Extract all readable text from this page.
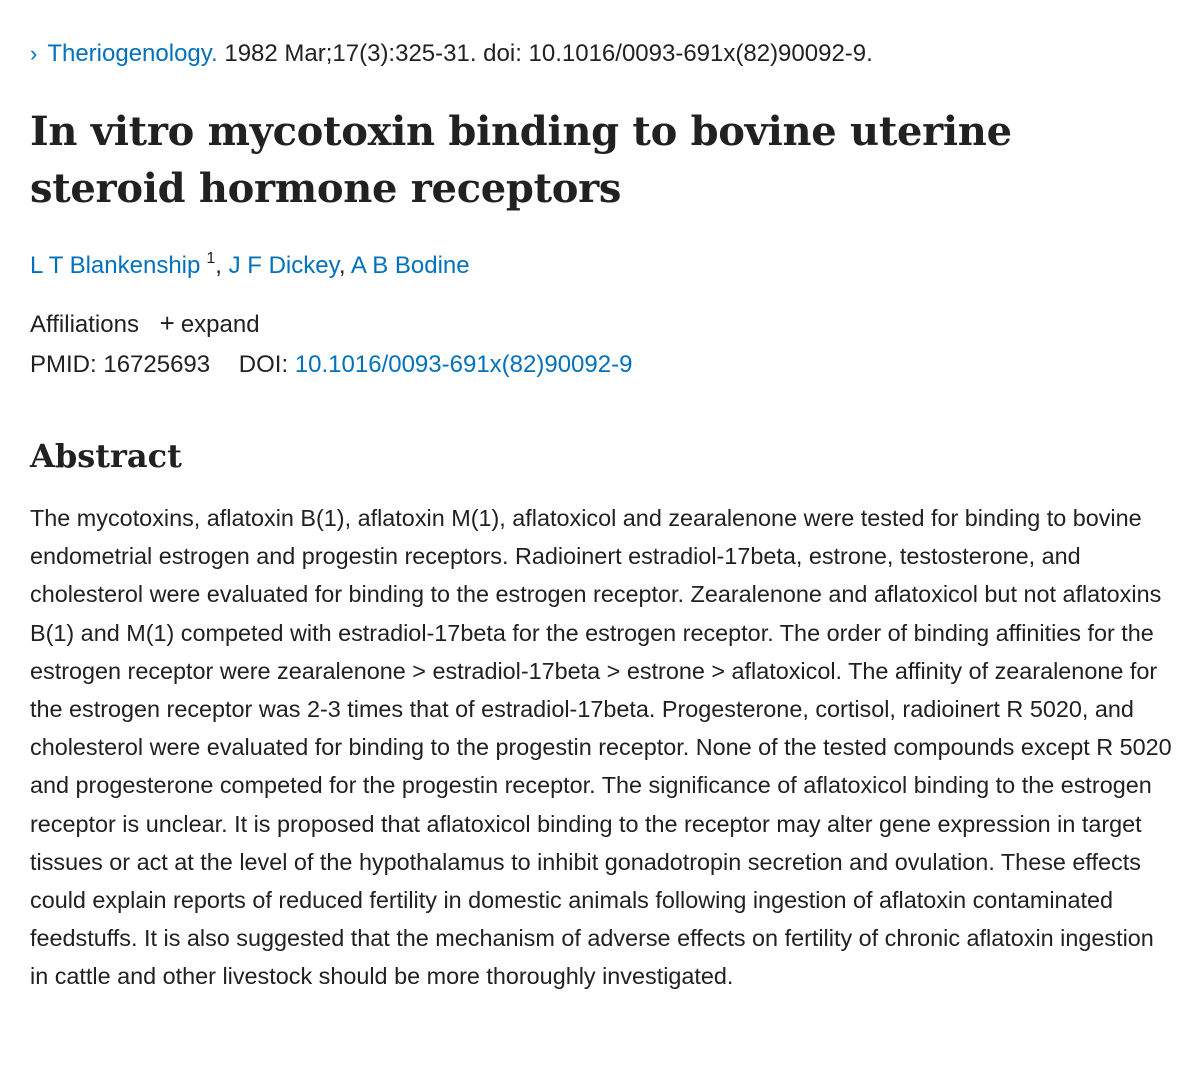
› Theriogenology. 1982 Mar;17(3):325-31. doi: 10.1016/0093-691x(82)90092-9.
In vitro mycotoxin binding to bovine uterine steroid hormone receptors
L T Blankenship $^1$, J F Dickey, A B Bodine
Affiliations + expand
PMID: 16725693 DOI: 10.1016/0093-691x(82)90092-9
Abstract

The mycotoxins, aflatoxin B(1), aflatoxin M(1), aflatoxicol and zearalenone were tested for binding to bovine endometrial estrogen and progestin receptors. Radioinert estradiol-17beta, estrone, testosterone, and cholesterol were evaluated for binding to the estrogen receptor. Zearalenone and aflatoxicol but not aflatoxins B(1) and M(1) competed with estradiol-17beta for the estrogen receptor. The order of binding affinities for the estrogen receptor were zearalenone > estradiol-17beta > estrone > aflatoxicol. The affinity of zearalenone for the estrogen receptor was 2-3 times that of estradiol-17beta. Progesterone, cortisol, radioinert R 5020, and cholesterol were evaluated for binding to the progestin receptor. None of the tested compounds except R 5020 and progesterone competed for the progestin receptor. The significance of aflatoxicol binding to the estrogen receptor is unclear. It is proposed that aflatoxicol binding to the receptor may alter gene expression in target tissues or act at the level of the hypothalamus to inhibit gonadotropin secretion and ovulation. These effects could explain reports of reduced fertility in domestic animals following ingestion of aflatoxin contaminated feedstuffs. It is also suggested that the mechanism of adverse effects on fertility of chronic aflatoxin ingestion in cattle and other livestock should be more thoroughly investigated.
